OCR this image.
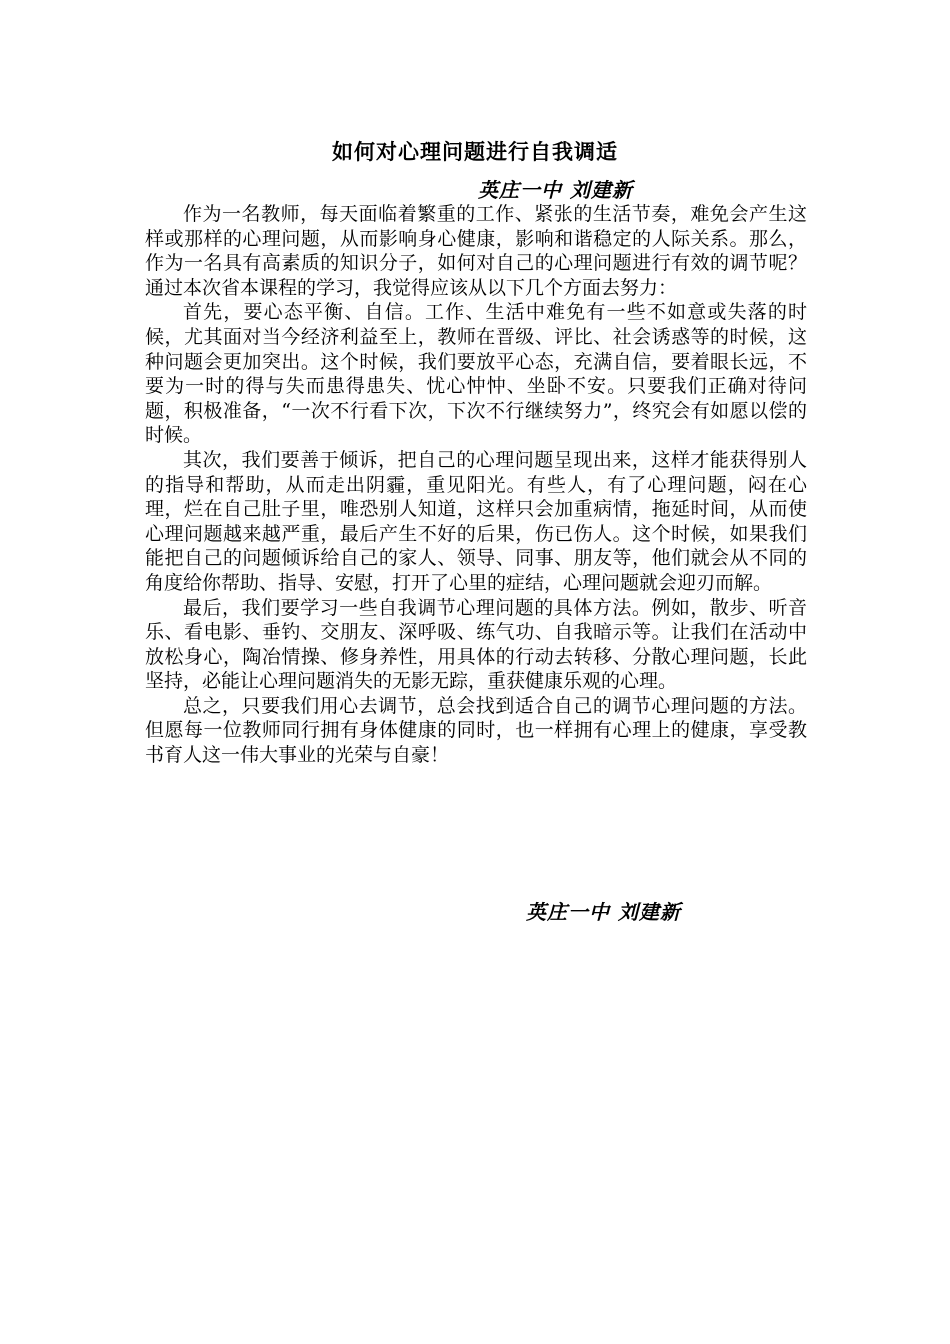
如何对心理问题进行自我调适
英庄一中 刘建新

作为一名教师，每天面临着繁重的工作、紧张的生活节奏，难免会产生这样或那样的心理问题，从而影响身心健康，影响和谐稳定的人际关系。那么，作为一名具有高素质的知识分子，如何对自己的心理问题进行有效的调节呢？通过本次省本课程的学习，我觉得应该从以下几个方面去努力：

首先，要心态平衡、自信。工作、生活中难免有一些不如意或失落的时候，尤其面对当今经济利益至上，教师在晋级、评比、社会诱惑等的时候，这种问题会更加突出。这个时候，我们要放平心态，充满自信，要着眼长远，不要为一时的得与失而患得患失、忧心忡忡、坐卧不安。只要我们正确对待问题，积极准备，“一次不行看下次，下次不行继续努力”，终究会有如愿以偿的时候。

其次，我们要善于倾诉，把自己的心理问题呈现出来，这样才能获得别人的指导和帮助，从而走出阴霾，重见阳光。有些人，有了心理问题，闷在心理，烂在自己肚子里，唯恐别人知道，这样只会加重病情，拖延时间，从而使心理问题越来越严重，最后产生不好的后果，伤已伤人。这个时候，如果我们能把自己的问题倾诉给自己的家人、领导、同事、朋友等，他们就会从不同的角度给你帮助、指导、安慰，打开了心里的症结，心理问题就会迎刃而解。

最后，我们要学习一些自我调节心理问题的具体方法。例如，散步、听音乐、看电影、垂钓、交朋友、深呼吸、练气功、自我暗示等。让我们在活动中放松身心，陶冶情操、修身养性，用具体的行动去转移、分散心理问题，长此坚持，必能让心理问题消失的无影无踪，重获健康乐观的心理。

总之，只要我们用心去调节，总会找到适合自己的调节心理问题的方法。但愿每一位教师同行拥有身体健康的同时，也一样拥有心理上的健康，享受教书育人这一伟大事业的光荣与自豪！

英庄一中 刘建新
